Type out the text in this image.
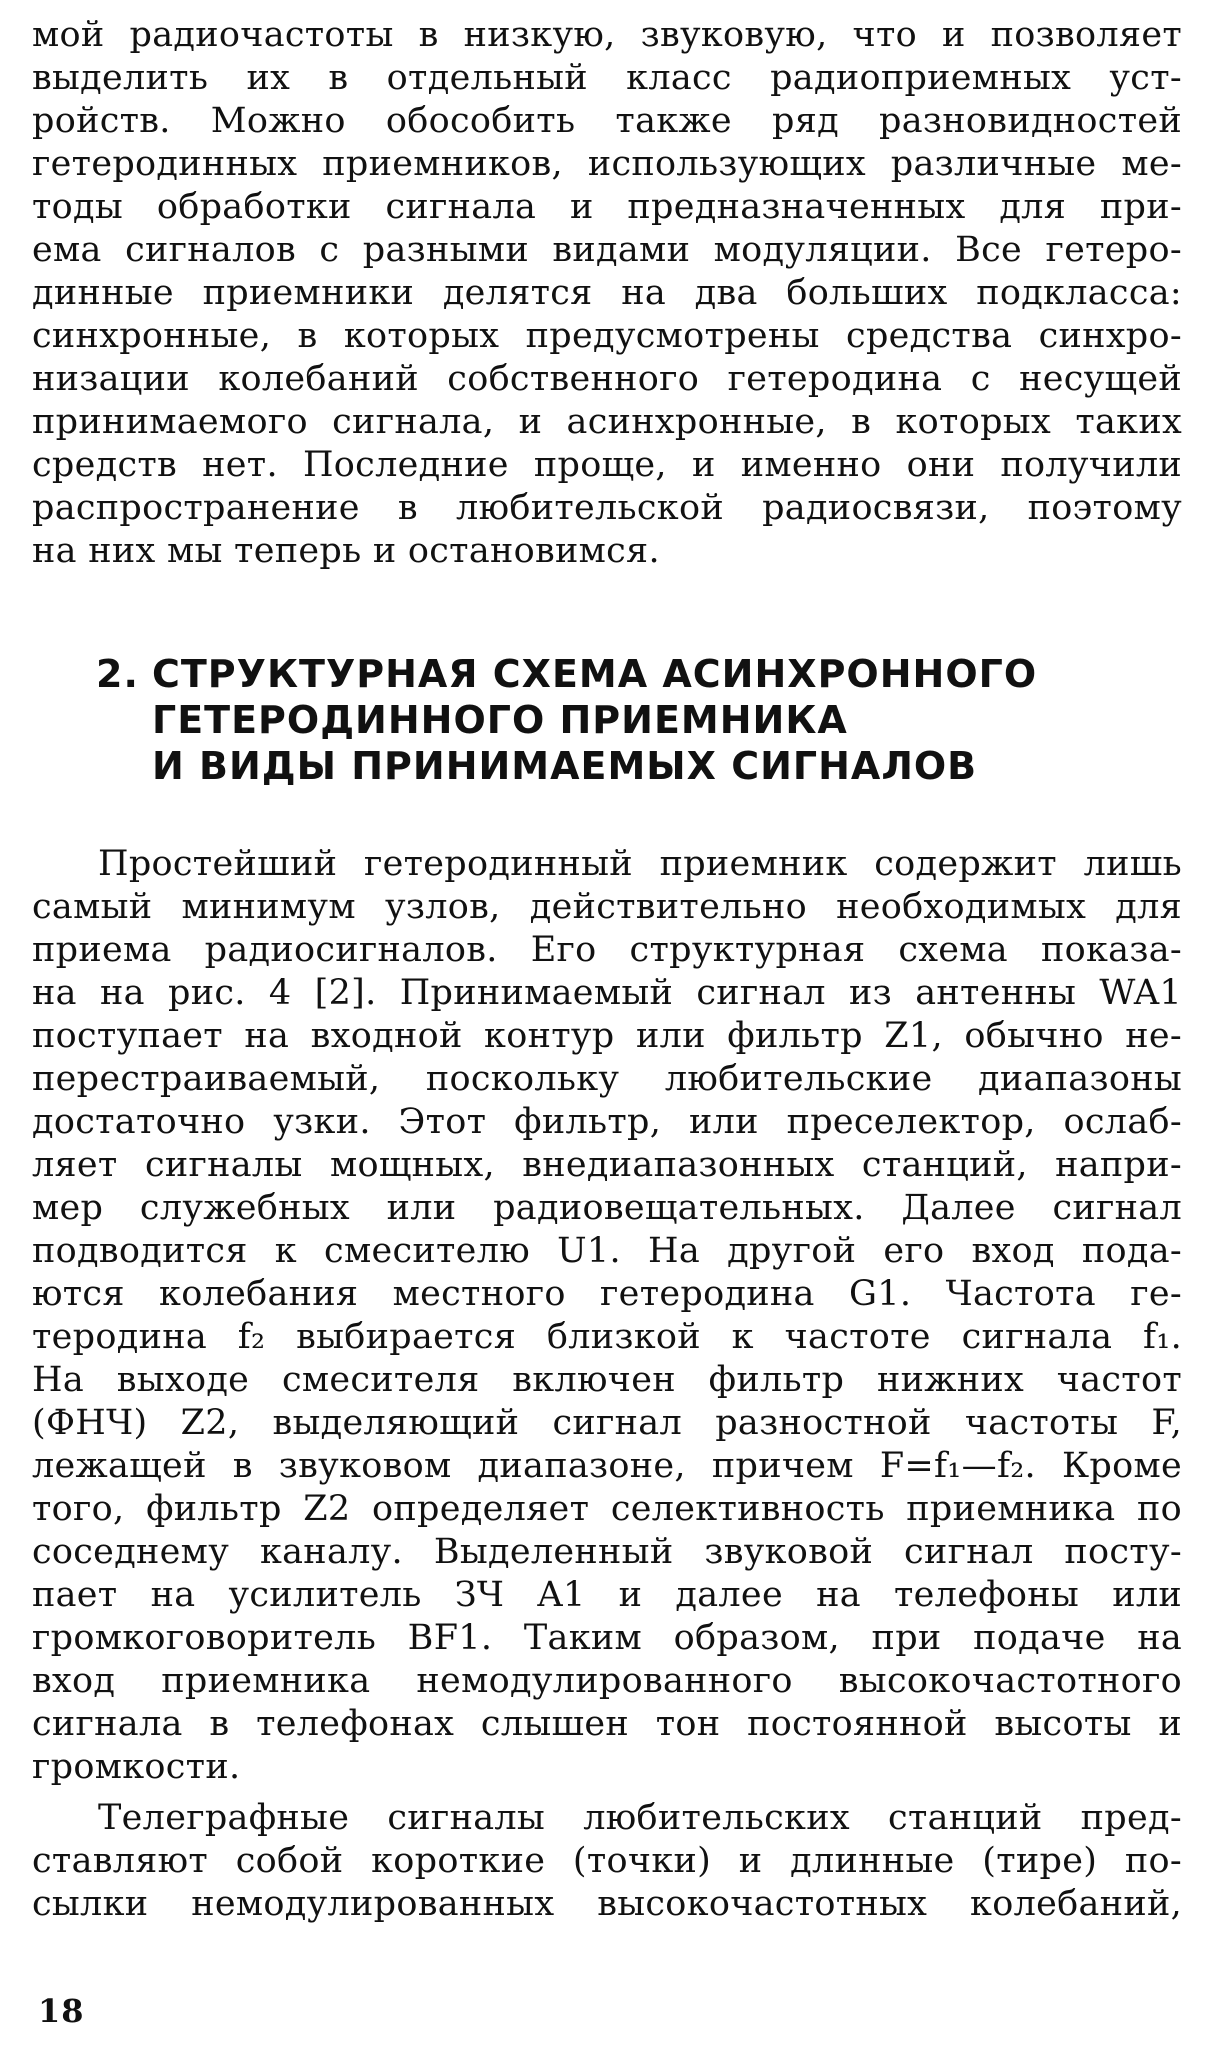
мой радиочастоты в низкую, звуковую, что и позволяет
выделить их в отдельный класс радиоприемных уст-
ройств. Можно обособить также ряд разновидностей
гетеродинных приемников, использующих различные ме-
тоды обработки сигнала и предназначенных для при-
ема сигналов с разными видами модуляции. Все гетеро-
динные приемники делятся на два больших подкласса:
синхронные, в которых предусмотрены средства синхро-
низации колебаний собственного гетеродина с несущей
принимаемого сигнала, и асинхронные, в которых таких
средств нет. Последние проще, и именно они получили
распространение в любительской радиосвязи, поэтому
на них мы теперь и остановимся.
2. СТРУКТУРНАЯ СХЕМА АСИНХРОННОГО
ГЕТЕРОДИННОГО ПРИЕМНИКА
И ВИДЫ ПРИНИМАЕМЫХ СИГНАЛОВ
Простейший гетеродинный приемник содержит лишь
самый минимум узлов, действительно необходимых для
приема радиосигналов. Его структурная схема показа-
на на рис. 4 [2]. Принимаемый сигнал из антенны WA1
поступает на входной контур или фильтр Z1, обычно не-
перестраиваемый, поскольку любительские диапазоны
достаточно узки. Этот фильтр, или преселектор, ослаб-
ляет сигналы мощных, внедиапазонных станций, напри-
мер служебных или радиовещательных. Далее сигнал
подводится к смесителю U1. На другой его вход пода-
ются колебания местного гетеродина G1. Частота ге-
теродина f₂ выбирается близкой к частоте сигнала f₁.
На выходе смесителя включен фильтр нижних частот
(ФНЧ) Z2, выделяющий сигнал разностной частоты F,
лежащей в звуковом диапазоне, причем F=f₁—f₂. Кроме
того, фильтр Z2 определяет селективность приемника по
соседнему каналу. Выделенный звуковой сигнал посту-
пает на усилитель ЗЧ A1 и далее на телефоны или
громкоговоритель BF1. Таким образом, при подаче на
вход приемника немодулированного высокочастотного
сигнала в телефонах слышен тон постоянной высоты и
громкости.
Телеграфные сигналы любительских станций пред-
ставляют собой короткие (точки) и длинные (тире) по-
сылки немодулированных высокочастотных колебаний,
18
